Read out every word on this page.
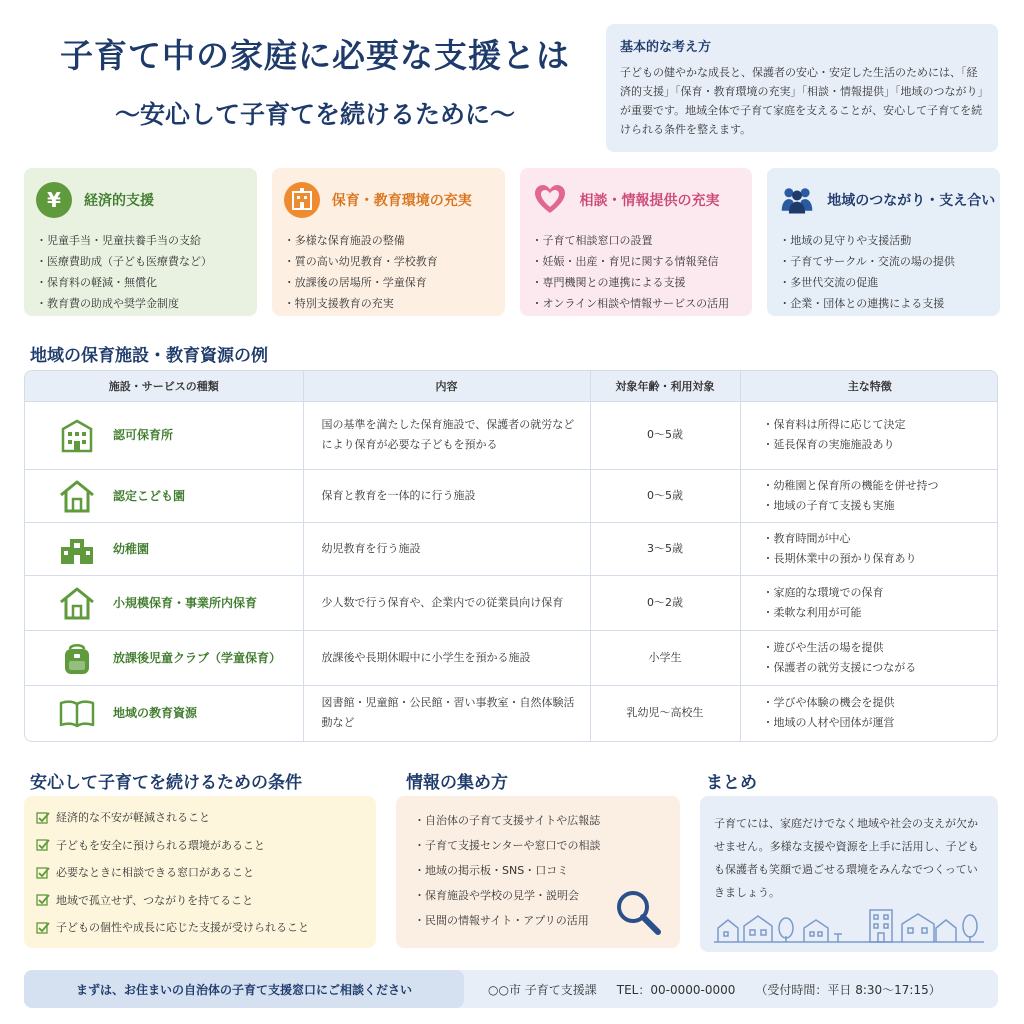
子育て中の家庭に必要な支援とは
〜安心して子育てを続けるために〜
基本的な考え方

子どもの健やかな成長と、保護者の安心・安定した生活のためには、「経済的支援」「保育・教育環境の充実」「相談・情報提供」「地域のつながり」が重要です。地域全体で子育て家庭を支えることが、安心して子育てを続けられる条件を整えます。

¥ 経済的支援
・児童手当・児童扶養手当の支給
・医療費助成（子ども医療費など）
・保育料の軽減・無償化
・教育費の助成や奨学金制度
保育・教育環境の充実
・多様な保育施設の整備
・質の高い幼児教育・学校教育
・放課後の居場所・学童保育
・特別支援教育の充実
相談・情報提供の充実
・子育て相談窓口の設置
・妊娠・出産・育児に関する情報発信
・専門機関との連携による支援
・オンライン相談や情報サービスの活用
地域のつながり・支え合い
・地域の見守りや支援活動
・子育てサークル・交流の場の提供
・多世代交流の促進
・企業・団体との連携による支援
地域の保育施設・教育資源の例
施設・サービスの種類	内容	対象年齢・利用対象	主な特徴

認可保育所	国の基準を満たした保育施設で、保護者の就労などにより保育が必要な子どもを預かる	0〜5歳	・保育料は所得に応じて決定
・延長保育の実施施設あり

認定こども園	保育と教育を一体的に行う施設	0〜5歳	・幼稚園と保育所の機能を併せ持つ
・地域の子育て支援も実施

幼稚園	幼児教育を行う施設	3〜5歳	・教育時間が中心
・長期休業中の預かり保育あり

小規模保育・事業所内保育	少人数で行う保育や、企業内での従業員向け保育	0〜2歳	・家庭的な環境での保育
・柔軟な利用が可能

放課後児童クラブ（学童保育）	放課後や長期休暇中に小学生を預かる施設	小学生	・遊びや生活の場を提供
・保護者の就労支援につながる

地域の教育資源	図書館・児童館・公民館・習い事教室・自然体験活動など	乳幼児〜高校生	・学びや体験の機会を提供
・地域の人材や団体が運営
安心して子育てを続けるための条件
経済的な不安が軽減されること
子どもを安全に預けられる環境があること
必要なときに相談できる窓口があること
地域で孤立せず、つながりを持てること
子どもの個性や成長に応じた支援が受けられること
情報の集め方
・自治体の子育て支援サイトや広報誌
・子育て支援センターや窓口での相談
・地域の掲示板・SNS・口コミ
・保育施設や学校の見学・説明会
・民間の情報サイト・アプリの活用
まとめ

子育てには、家庭だけでなく地域や社会の支えが欠かせません。多様な支援や資源を上手に活用し、子どもも保護者も笑顔で過ごせる環境をみんなでつくっていきましょう。

まずは、お住まいの自治体の子育て支援窓口にご相談ください	○○市 子育て支援課 TEL：00-0000-0000 （受付時間：平日 8:30〜17:15）
